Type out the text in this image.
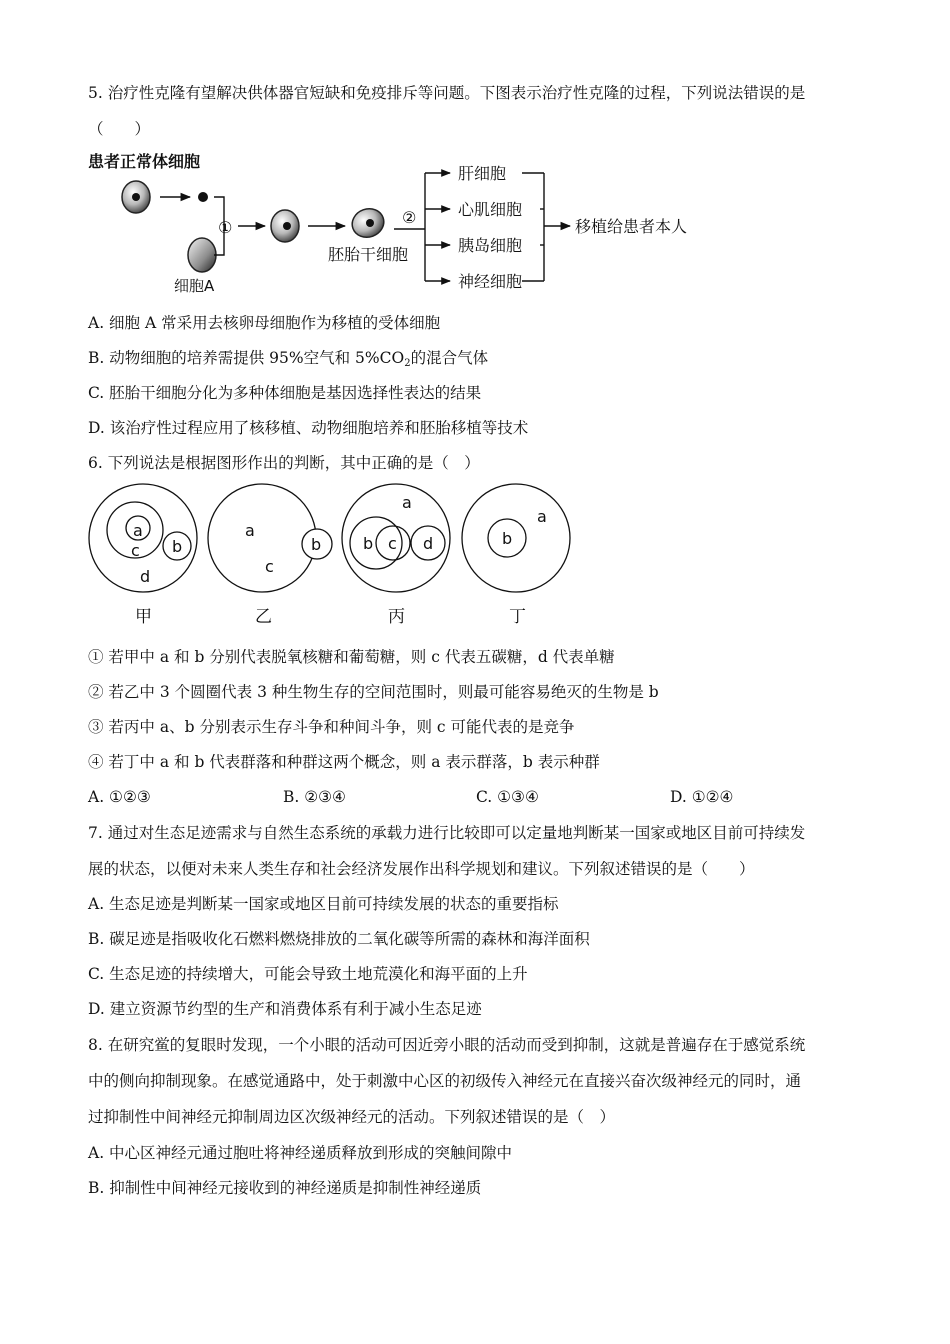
5. 治疗性克隆有望解决供体器官短缺和免疫排斥等问题。下图表示治疗性克隆的过程，下列说法错误的是
（　　）
患者正常体细胞
细胞A
①
胚胎干细胞
②
肝细胞
心肌细胞
胰岛细胞
神经细胞
移植给患者本人
A. 细胞 A 常采用去核卵母细胞作为移植的受体细胞
B. 动物细胞的培养需提供 95%空气和 $5\%CO_2$的混合气体
C. 胚胎干细胞分化为多种体细胞是基因选择性表达的结果
D. 该治疗性过程应用了核移植、动物细胞培养和胚胎移植等技术
6. 下列说法是根据图形作出的判断，其中正确的是（　）
a
c b
d
a
c
b
a
b c d	b
a
甲	乙	丙	丁
① 若甲中 a 和 b 分别代表脱氧核糖和葡萄糖，则 c 代表五碳糖，d 代表单糖
② 若乙中 3 个圆圈代表 3 种生物生存的空间范围时，则最可能容易绝灭的生物是 b
③ 若丙中 a、b 分别表示生存斗争和种间斗争，则 c 可能代表的是竞争
④ 若丁中 a 和 b 代表群落和种群这两个概念，则 a 表示群落，b 表示种群
A. ①②③	B. ②③④	C. ①③④	D. ①②④
7. 通过对生态足迹需求与自然生态系统的承载力进行比较即可以定量地判断某一国家或地区目前可持续发
展的状态，以便对未来人类生存和社会经济发展作出科学规划和建议。下列叙述错误的是（　　）
A. 生态足迹是判断某一国家或地区目前可持续发展的状态的重要指标
B. 碳足迹是指吸收化石燃料燃烧排放的二氧化碳等所需的森林和海洋面积
C. 生态足迹的持续增大，可能会导致土地荒漠化和海平面的上升
D. 建立资源节约型的生产和消费体系有利于减小生态足迹
8. 在研究鲎的复眼时发现，一个小眼的活动可因近旁小眼的活动而受到抑制，这就是普遍存在于感觉系统
中的侧向抑制现象。在感觉通路中，处于刺激中心区的初级传入神经元在直接兴奋次级神经元的同时，通
过抑制性中间神经元抑制周边区次级神经元的活动。下列叙述错误的是（　）
A. 中心区神经元通过胞吐将神经递质释放到形成的突触间隙中
B. 抑制性中间神经元接收到的神经递质是抑制性神经递质
